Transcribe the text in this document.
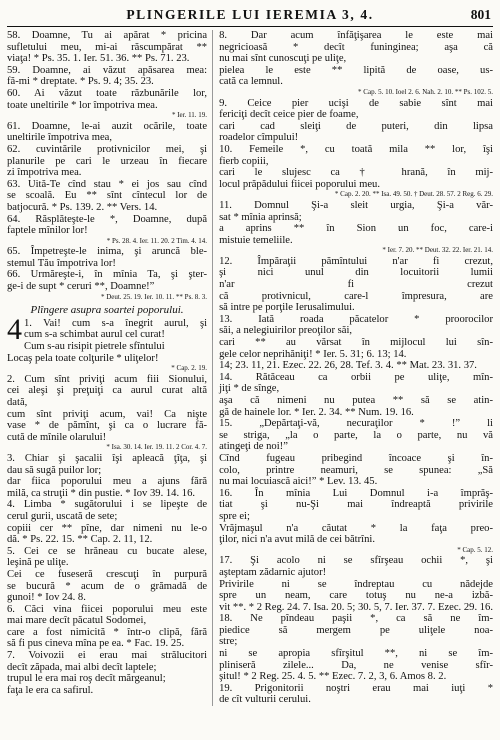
PLINGERILE LUI IEREMIA 3, 4.	801
58. Doamne, Tu ai apărat * pricina
sufletului meu, mi-ai răscumpărat **
viaţa! * Ps. 35. 1. Ier. 51. 36. ** Ps. 71. 23.
59. Doamne, ai văzut apăsarea mea:
fă-mi * dreptate. * Ps. 9. 4; 35. 23.
60. Ai văzut toate răzbunările lor,
toate uneltirile * lor împotriva mea.
* Ier. 11. 19.
61. Doamne, le-ai auzit ocările, toate
uneltirile împotriva mea,
62. cuvintările protivnicilor mei, şi
planurile pe cari le urzeau în fiecare
zi împotriva mea.
63. Uită-Te cînd stau * ei jos sau cînd
se scoală. Eu ** sînt cîntecul lor de
batjocură. * Ps. 139. 2. ** Vers. 14.
64. Răsplăteşte-le *, Doamne, după
faptele mînilor lor!
* Ps. 28. 4. Ier. 11. 20. 2 Tim. 4. 14.
65. Împetreşte-le inima, şi aruncă ble-
stemul Tău împotriva lor!
66. Urmăreşte-i, în mînia Ta, şi şter-
ge-i de supt * ceruri **, Doamne!”
* Deut. 25. 19. Ier. 10. 11. ** Ps. 8. 3.
Plîngere asupra soartei poporului.
4 1. Vai! cum s-a înegrit aurul, şi
cum s-a schimbat aurul cel curat!
Cum s-au risipit pietrele sfîntului
Locaş pela toate colţurile * uliţelor!
* Cap. 2. 19.
2. Cum sînt priviţi acum fiii Sionului,
cei aleşi şi preţuiţi ca aurul curat altă
dată,
cum sînt priviţi acum, vai! Ca nişte
vase * de pămînt, şi ca o lucrare fă-
cută de mînile olarului!
* Isa. 30. 14. Ier. 19. 11. 2 Cor. 4. 7.
3. Chiar şi şacalii îşi apleacă ţîţa, şi
dau să sugă puilor lor;
dar fiica poporului meu a ajuns fără
milă, ca struţii * din pustie. * Iov 39. 14. 16.
4. Limba * sugătorului i se lipeşte de
cerul gurii, uscată de sete;
copiii cer ** pîne, dar nimeni nu le-o
dă. * Ps. 22. 15. ** Cap. 2. 11, 12.
5. Cei ce se hrăneau cu bucate alese,
leşină pe uliţe.
Cei ce fuseseră crescuţi în purpură
se bucură * acum de o grămadă de
gunoi! * Iov 24. 8.
6. Căci vina fiicei poporului meu este
mai mare decît păcatul Sodomei,
care a fost nimicită * într-o clipă, fără
să fi pus cineva mîna pe ea. * Fac. 19. 25.
7. Voivozii ei erau mai strălucitori
decît zăpada, mai albi decît laptele;
trupul le era mai roş decît mărgeanul;
faţa le era ca safirul.
8. Dar acum înfăţişarea le este mai
negricioasă * decît funinginea; aşa că
nu mai sînt cunoscuţi pe uliţe,
pielea le este ** lipită de oase, us-
cată ca lemnul.
* Cap. 5. 10. Ioel 2. 6. Nah. 2. 10. ** Ps. 102. 5.
9. Ceice pier ucişi de sabie sînt mai
fericiţi decît ceice pier de foame,
cari cad sleiţi de puteri, din lipsa
roadelor cîmpului!
10. Femeile *, cu toată mila ** lor, îşi
fierb copiii,
cari le slujesc ca † hrană, în mij-
locul prăpădului fiicei poporului meu.
* Cap. 2. 20. ** Isa. 49. 50. † Deut. 28. 57. 2 Reg. 6. 29.
11. Domnul Şi-a sleit urgia, Şi-a văr-
sat * mînia aprinsă;
a aprins ** în Sion un foc, care-i
mistuie temeliile.
* Ier. 7. 20. ** Deut. 32. 22. Ier. 21. 14.
12. Împăraţii pămîntului n'ar fi crezut,
şi nici unul din locuitorii lumii
n'ar fi crezut
că protivnicul, care-l împresura, are
să intre pe porţile Ierusalimului.
13. Iată roada păcatelor * proorocilor
săi, a nelegiuirilor preoţilor săi,
cari ** au vărsat în mijlocul lui sîn-
gele celor neprihăniţi! * Ier. 5. 31; 6. 13; 14.
14; 23. 11, 21. Ezec. 22. 26, 28. Tef. 3. 4. ** Mat. 23. 31. 37.
14. Rătăceau ca orbii pe uliţe, mîn-
jiţi * de sînge,
aşa că nimeni nu putea ** să se atin-
gă de hainele lor. * Ier. 2. 34. ** Num. 19. 16.
15. „Depărtaţi-vă, necuraţilor * !” li
se striga, „la o parte, la o parte, nu vă
atingeţi de noi!”
Cînd fugeau pribegind încoace şi în-
colo, printre neamuri, se spunea: „Să
nu mai locuiască aici!” * Lev. 13. 45.
16. În mînia Lui Domnul i-a împrăş-
tiat şi nu-Şi mai îndreaptă privirile
spre ei;
Vrăjmaşul n'a căutat * la faţa preo-
ţilor, nici n'a avut milă de cei bătrîni.
* Cap. 5. 12.
17. Şi acolo ni se sfîrşeau ochii *, şi
aşteptam zădarnic ajutor!
Privirile ni se îndreptau cu nădejde
spre un neam, care totuş nu ne-a izbă-
vit **. * 2 Reg. 24. 7. Isa. 20. 5; 30. 5, 7. Ier. 37. 7. Ezec. 29. 16.
18. Ne pîndeau paşii *, ca să ne îm-
piedice să mergem pe uliţele noa-
stre;
ni se apropia sfîrşitul **, ni se îm-
pliniseră zilele... Da, ne venise sfîr-
şitul! * 2 Reg. 25. 4. 5. ** Ezec. 7. 2, 3, 6. Amos 8. 2.
19. Prigonitorii noştri erau mai iuţi *
de cît vulturii cerului.
